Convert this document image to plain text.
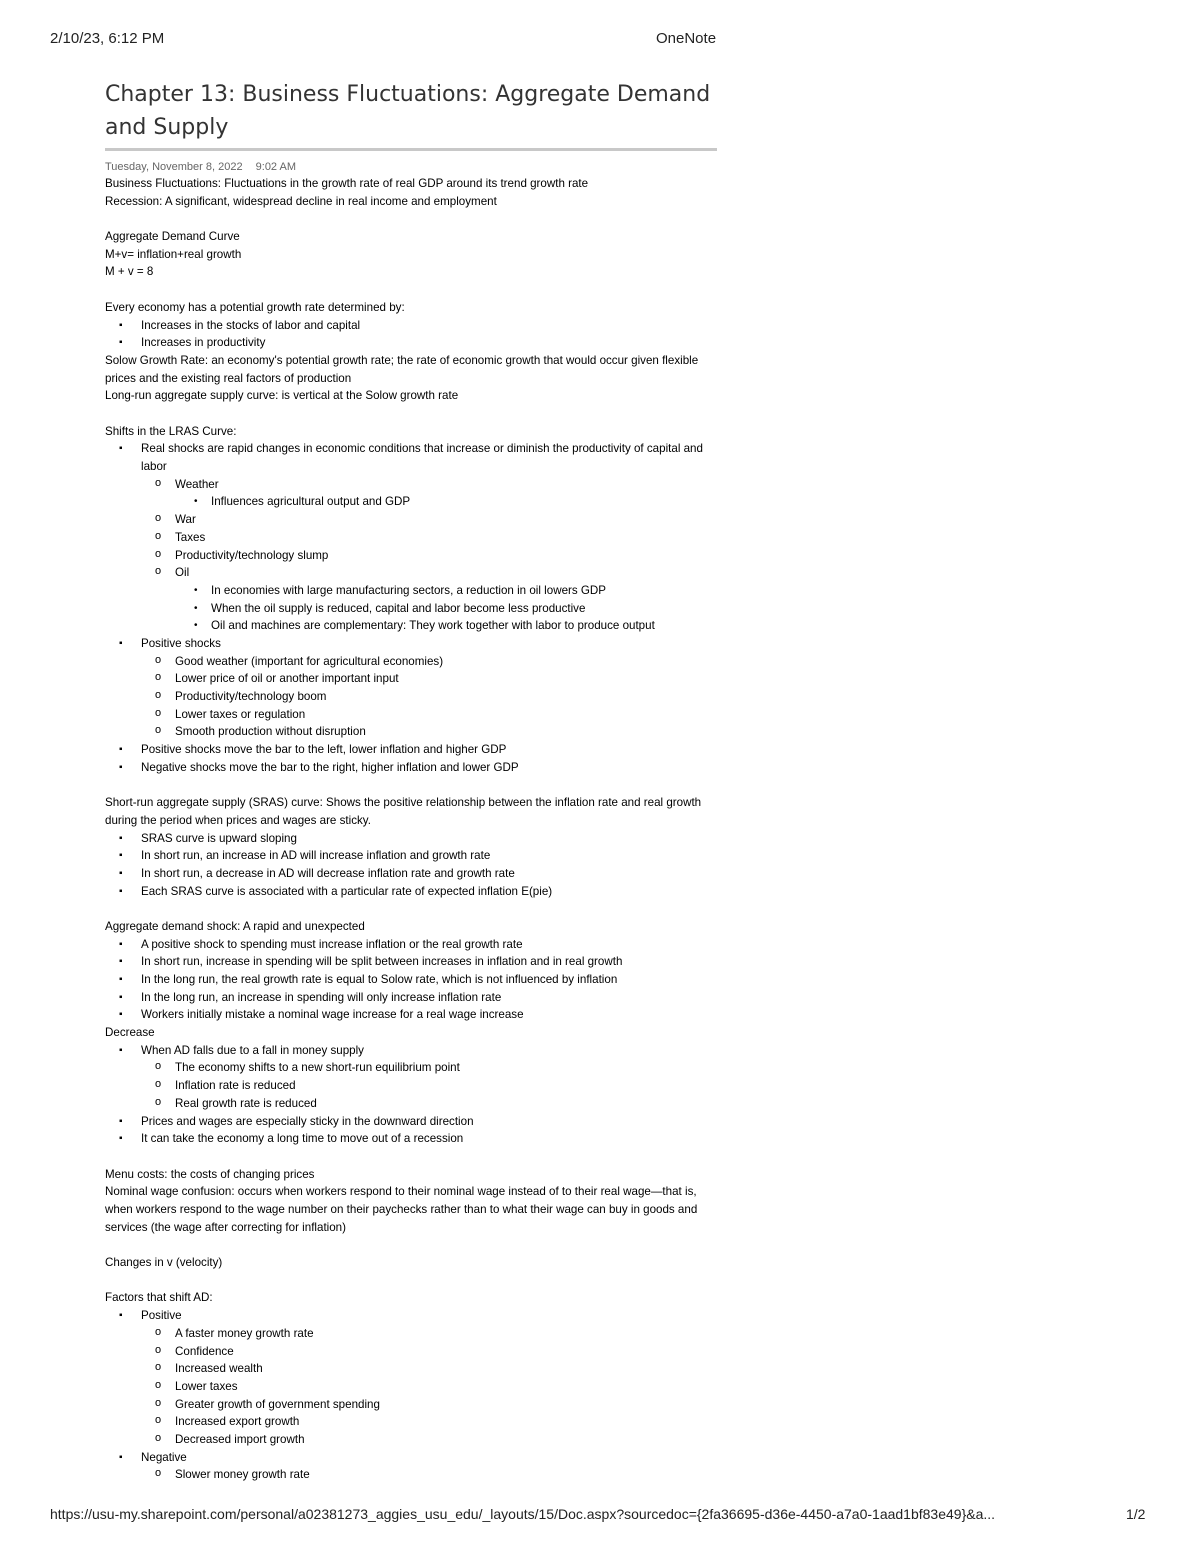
2/10/23, 6:12 PM	OneNote
Chapter 13: Business Fluctuations: Aggregate Demand and Supply
Tuesday, November 8, 2022 9:02 AM
Business Fluctuations: Fluctuations in the growth rate of real GDP around its trend growth rate
Recession: A significant, widespread decline in real income and employment
Aggregate Demand Curve
M+v= inflation+real growth
M + v = 8
Every economy has a potential growth rate determined by:
▪ Increases in the stocks of labor and capital
▪ Increases in productivity
Solow Growth Rate: an economy's potential growth rate; the rate of economic growth that would occur given flexible prices and the existing real factors of production
Long-run aggregate supply curve: is vertical at the Solow growth rate
Shifts in the LRAS Curve:
▪ Real shocks are rapid changes in economic conditions that increase or diminish the productivity of capital and labor
o Weather
• Influences agricultural output and GDP
o War
o Taxes
o Productivity/technology slump
o Oil
• In economies with large manufacturing sectors, a reduction in oil lowers GDP
• When the oil supply is reduced, capital and labor become less productive
• Oil and machines are complementary: They work together with labor to produce output
▪ Positive shocks
o Good weather (important for agricultural economies)
o Lower price of oil or another important input
o Productivity/technology boom
o Lower taxes or regulation
o Smooth production without disruption
▪ Positive shocks move the bar to the left, lower inflation and higher GDP
▪ Negative shocks move the bar to the right, higher inflation and lower GDP
Short-run aggregate supply (SRAS) curve: Shows the positive relationship between the inflation rate and real growth during the period when prices and wages are sticky.
▪ SRAS curve is upward sloping
▪ In short run, an increase in AD will increase inflation and growth rate
▪ In short run, a decrease in AD will decrease inflation rate and growth rate
▪ Each SRAS curve is associated with a particular rate of expected inflation E(pie)
Aggregate demand shock: A rapid and unexpected
▪ A positive shock to spending must increase inflation or the real growth rate
▪ In short run, increase in spending will be split between increases in inflation and in real growth
▪ In the long run, the real growth rate is equal to Solow rate, which is not influenced by inflation
▪ In the long run, an increase in spending will only increase inflation rate
▪ Workers initially mistake a nominal wage increase for a real wage increase
Decrease
▪ When AD falls due to a fall in money supply
o The economy shifts to a new short-run equilibrium point
o Inflation rate is reduced
o Real growth rate is reduced
▪ Prices and wages are especially sticky in the downward direction
▪ It can take the economy a long time to move out of a recession
Menu costs: the costs of changing prices
Nominal wage confusion: occurs when workers respond to their nominal wage instead of to their real wage—that is, when workers respond to the wage number on their paychecks rather than to what their wage can buy in goods and services (the wage after correcting for inflation)
Changes in v (velocity)
Factors that shift AD:
▪ Positive
o A faster money growth rate
o Confidence
o Increased wealth
o Lower taxes
o Greater growth of government spending
o Increased export growth
o Decreased import growth
▪ Negative
o Slower money growth rate
https://usu-my.sharepoint.com/personal/a02381273_aggies_usu_edu/_layouts/15/Doc.aspx?sourcedoc={2fa36695-d36e-4450-a7a0-1aad1bf83e49}&a...	1/2
